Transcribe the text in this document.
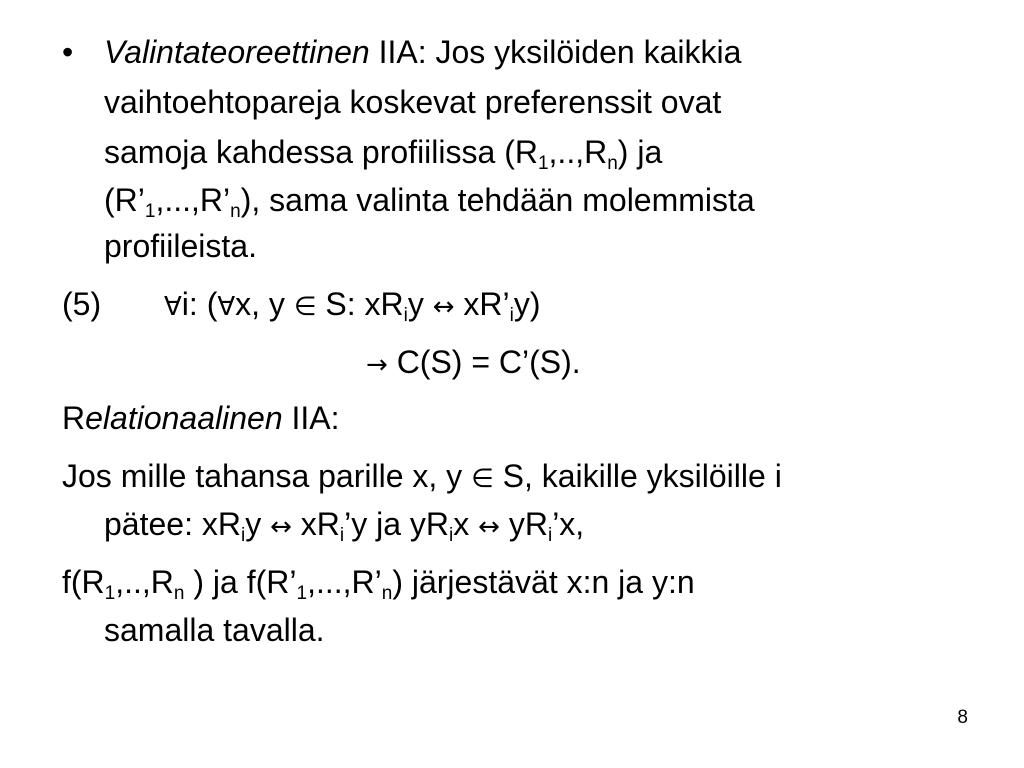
• Valintateoreettinen IIA: Jos yksilöiden kaikkia
vaihtoehtopareja koskevat preferenssit ovat
samoja kahdessa profiilissa $(R_1,..,R_n)$ ja
$(R’_1,...,R’_n)$, sama valinta tehdään molemmista
profiileista.
(5) ∀i: (∀x, y ∈ S: $xR_iy$ ↔ $xR’_iy$)
→ C(S) = C’(S).
Relationaalinen IIA:
Jos mille tahansa parille x, y ∈ S, kaikille yksilöille i
pätee: $xR_iy$ ↔ $xR_i’y$ ja $yR_ix$ ↔ $yR_i’x$,
$f(R_1,..,R_n$ ) ja $f(R’_1,...,R’_n)$ järjestävät x:n ja y:n
samalla tavalla.
8
